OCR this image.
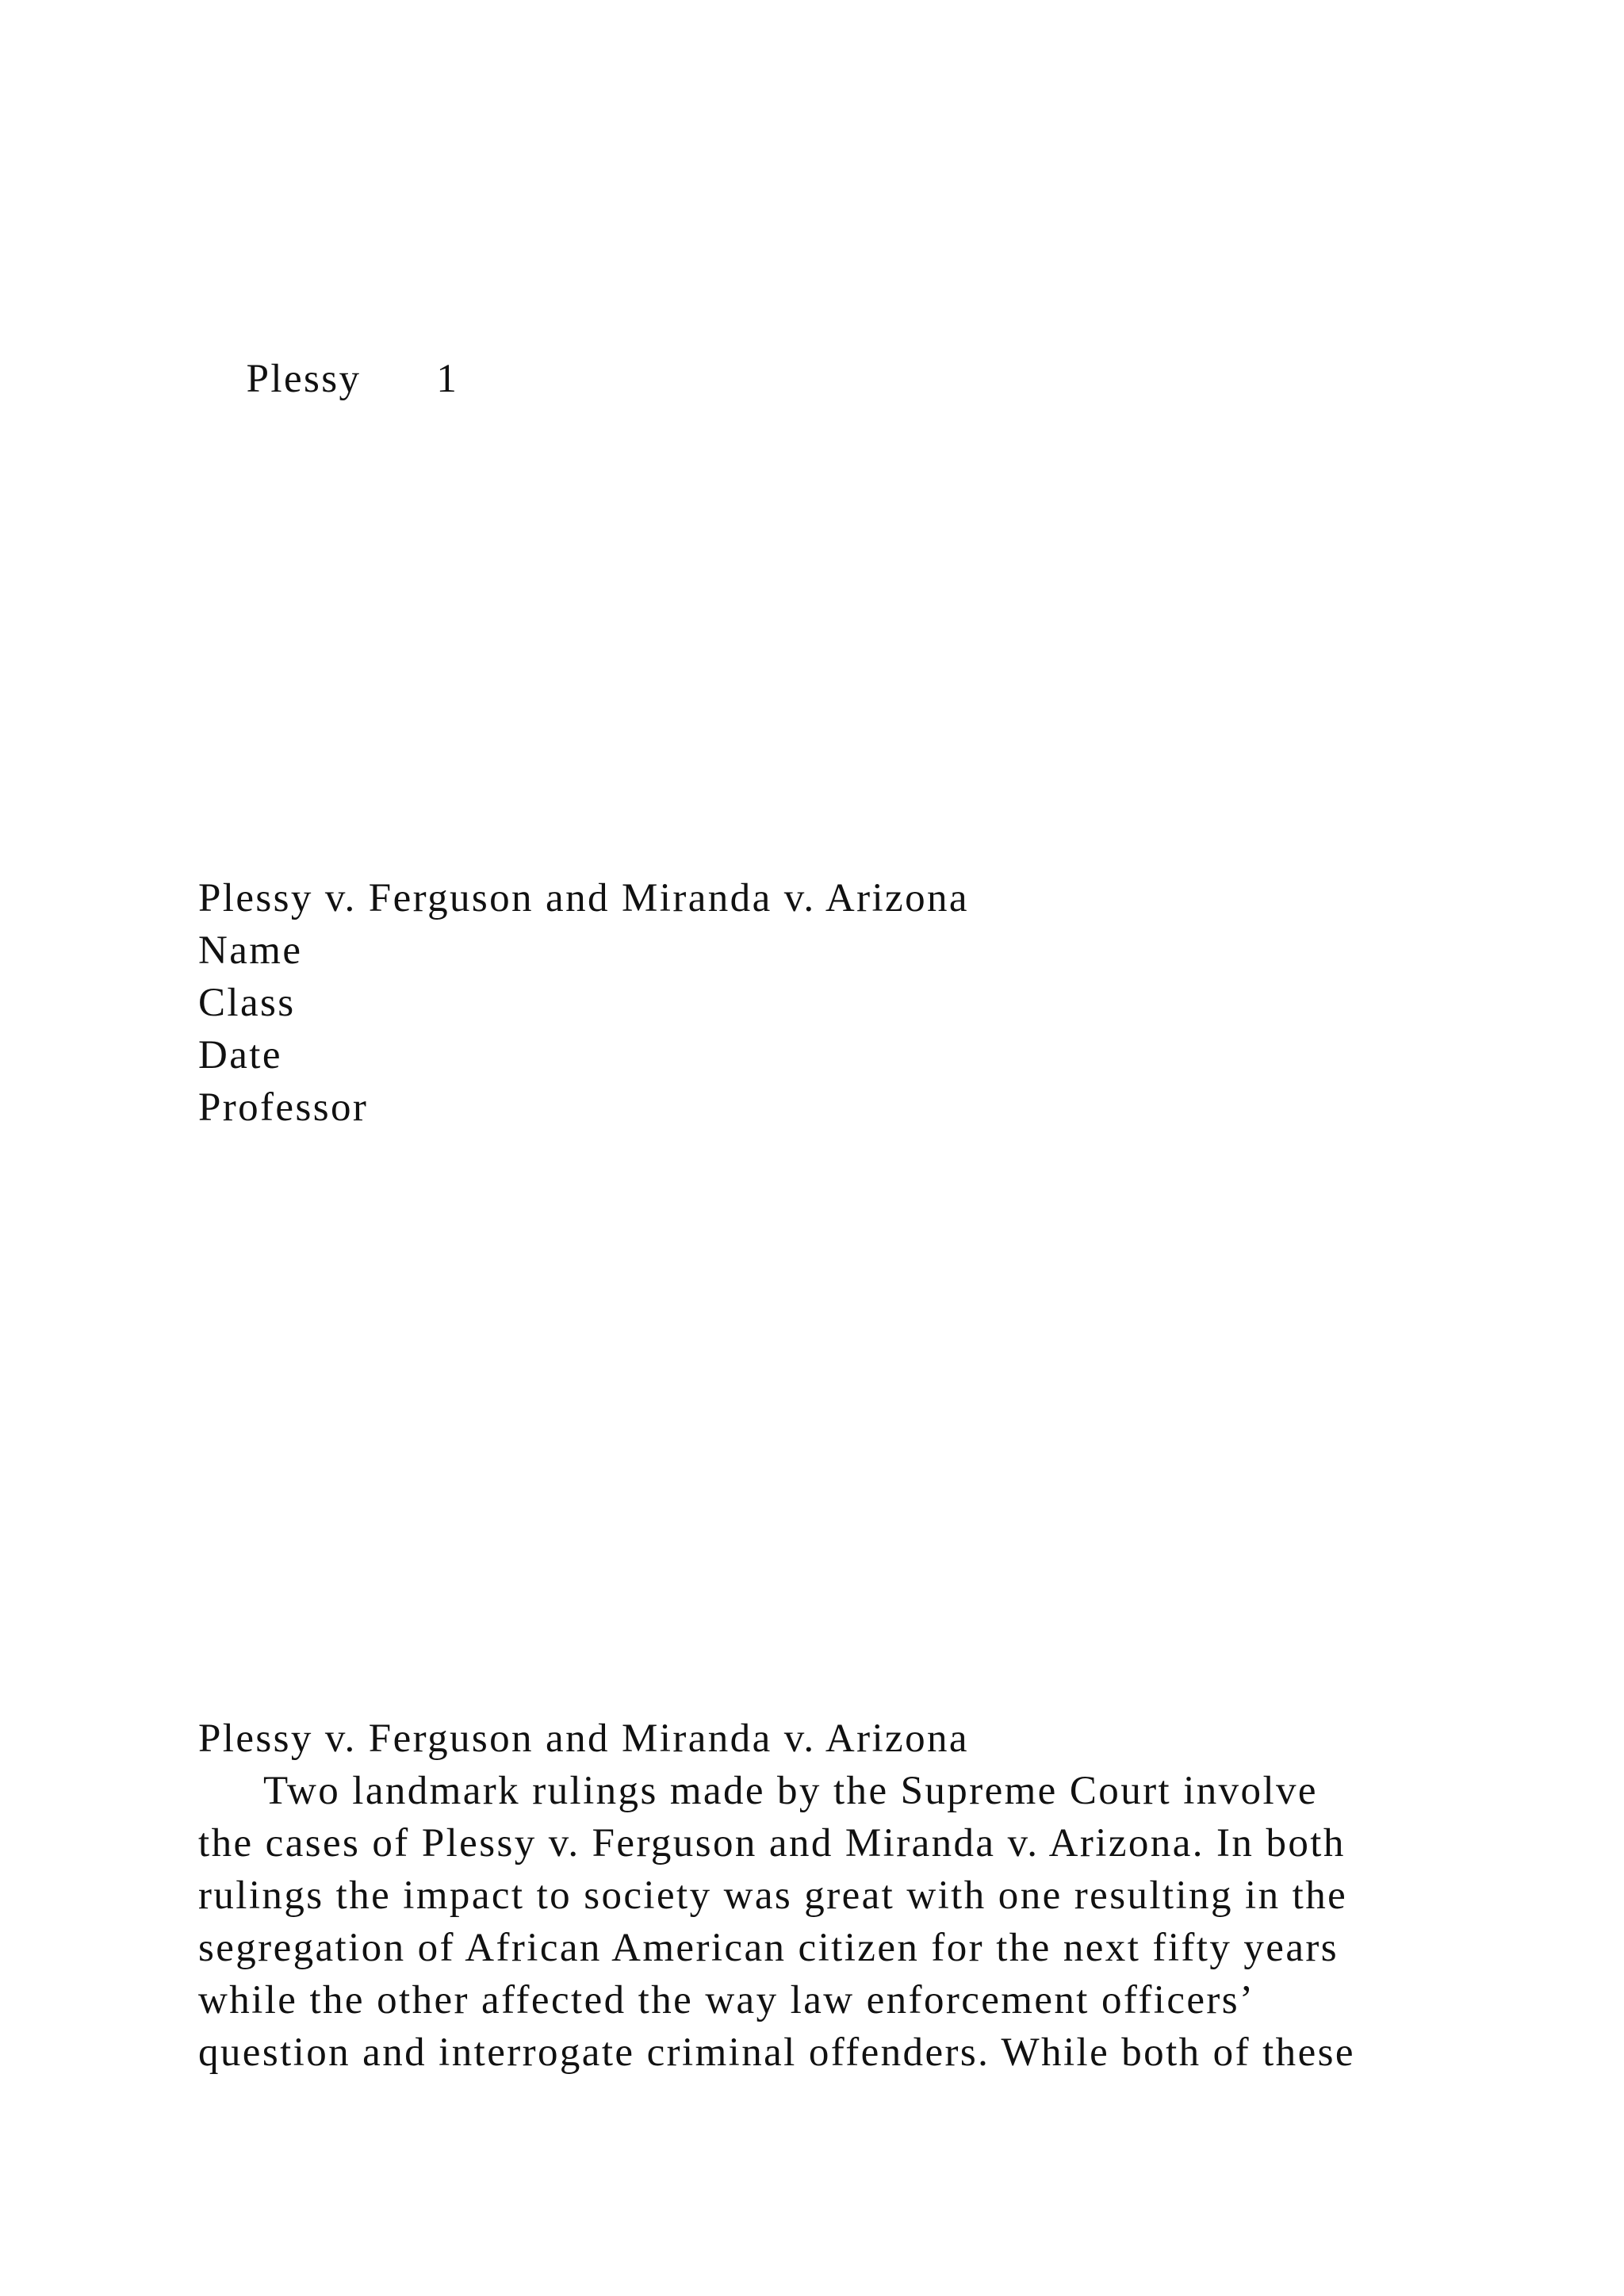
Plessy 1

Plessy v. Ferguson and Miranda v. Arizona
Name
Class
Date
Professor
Plessy v. Ferguson and Miranda v. Arizona
Two landmark rulings made by the Supreme Court involve
the cases of Plessy v. Ferguson and Miranda v. Arizona. In both
rulings the impact to society was great with one resulting in the
segregation of African American citizen for the next fifty years
while the other affected the way law enforcement officers’
question and interrogate criminal offenders. While both of these
